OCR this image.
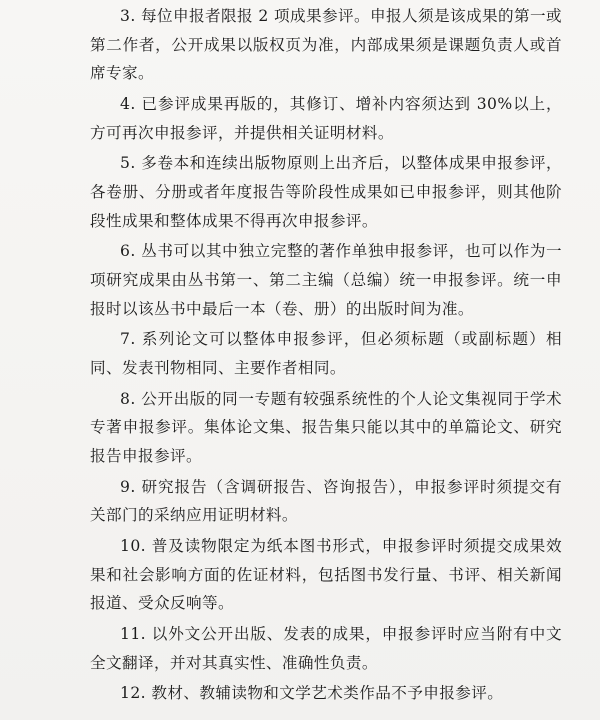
3. 每位申报者限报 2 项成果参评。申报人须是该成果的第一或第二作者，公开成果以版权页为准，内部成果须是课题负责人或首席专家。

4. 已参评成果再版的，其修订、增补内容须达到 30%以上，方可再次申报参评，并提供相关证明材料。

5. 多卷本和连续出版物原则上出齐后，以整体成果申报参评，各卷册、分册或者年度报告等阶段性成果如已申报参评，则其他阶段性成果和整体成果不得再次申报参评。

6. 丛书可以其中独立完整的著作单独申报参评，也可以作为一项研究成果由丛书第一、第二主编（总编）统一申报参评。统一申报时以该丛书中最后一本（卷、册）的出版时间为准。

7. 系列论文可以整体申报参评，但必须标题（或副标题）相同、发表刊物相同、主要作者相同。

8. 公开出版的同一专题有较强系统性的个人论文集视同于学术专著申报参评。集体论文集、报告集只能以其中的单篇论文、研究报告申报参评。

9. 研究报告（含调研报告、咨询报告），申报参评时须提交有关部门的采纳应用证明材料。

10. 普及读物限定为纸本图书形式，申报参评时须提交成果效果和社会影响方面的佐证材料，包括图书发行量、书评、相关新闻报道、受众反响等。

11. 以外文公开出版、发表的成果，申报参评时应当附有中文全文翻译，并对其真实性、准确性负责。

12. 教材、教辅读物和文学艺术类作品不予申报参评。
